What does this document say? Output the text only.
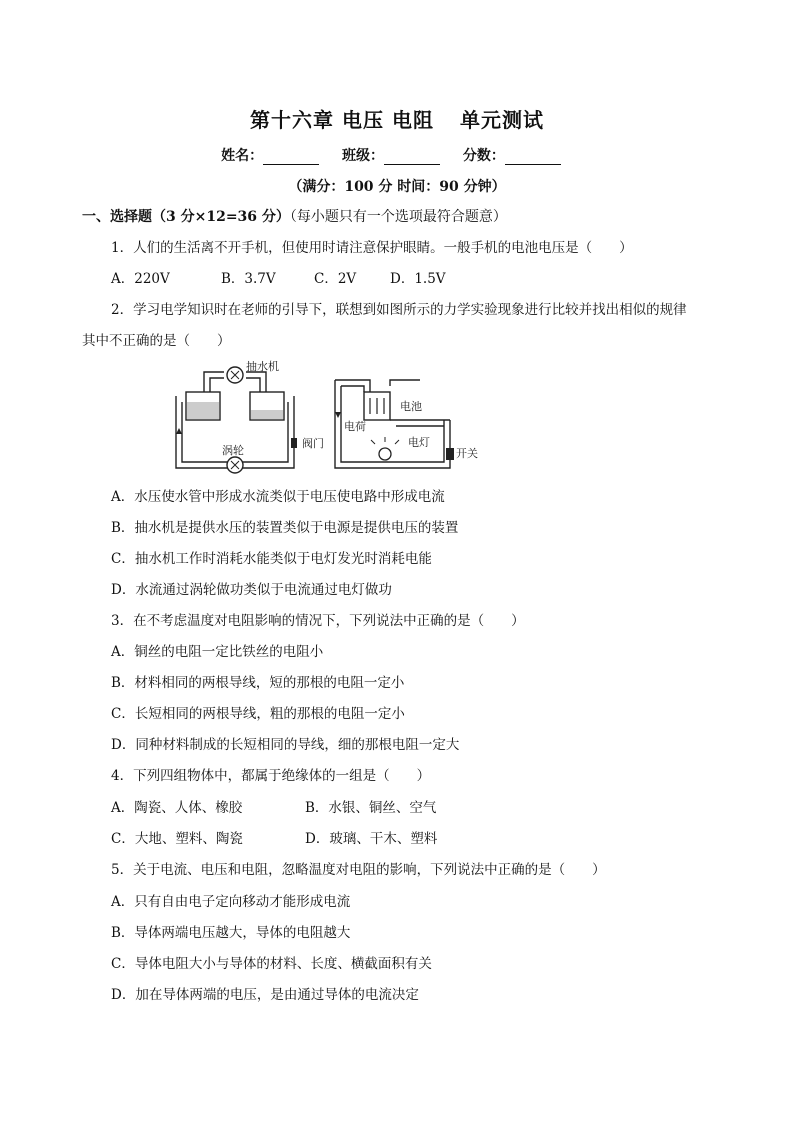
第十六章 电压 电阻 单元测试
姓名：	班级：	分数：
（满分：100 分 时间：90 分钟）
一、选择题（3 分×12=36 分）（每小题只有一个选项最符合题意）
1．人们的生活离不开手机，但使用时请注意保护眼睛。一般手机的电池电压是（　　）
A．220V	B．3.7V	C．2V	D．1.5V
2．学习电学知识时在老师的引导下，联想到如图所示的力学实验现象进行比较并找出相似的规律
其中不正确的是（　　）
抽水机
涡轮
阀门
电荷
电池
电灯
开关
A．水压使水管中形成水流类似于电压使电路中形成电流
B．抽水机是提供水压的装置类似于电源是提供电压的装置
C．抽水机工作时消耗水能类似于电灯发光时消耗电能
D．水流通过涡轮做功类似于电流通过电灯做功
3．在不考虑温度对电阻影响的情况下，下列说法中正确的是（　　）
A．铜丝的电阻一定比铁丝的电阻小
B．材料相同的两根导线，短的那根的电阻一定小
C．长短相同的两根导线，粗的那根的电阻一定小
D．同种材料制成的长短相同的导线，细的那根电阻一定大
4．下列四组物体中，都属于绝缘体的一组是（　　）
A．陶瓷、人体、橡胶	B．水银、铜丝、空气
C．大地、塑料、陶瓷	D．玻璃、干木、塑料
5．关于电流、电压和电阻，忽略温度对电阻的影响，下列说法中正确的是（　　）
A．只有自由电子定向移动才能形成电流
B．导体两端电压越大，导体的电阻越大
C．导体电阻大小与导体的材料、长度、横截面积有关
D．加在导体两端的电压，是由通过导体的电流决定
